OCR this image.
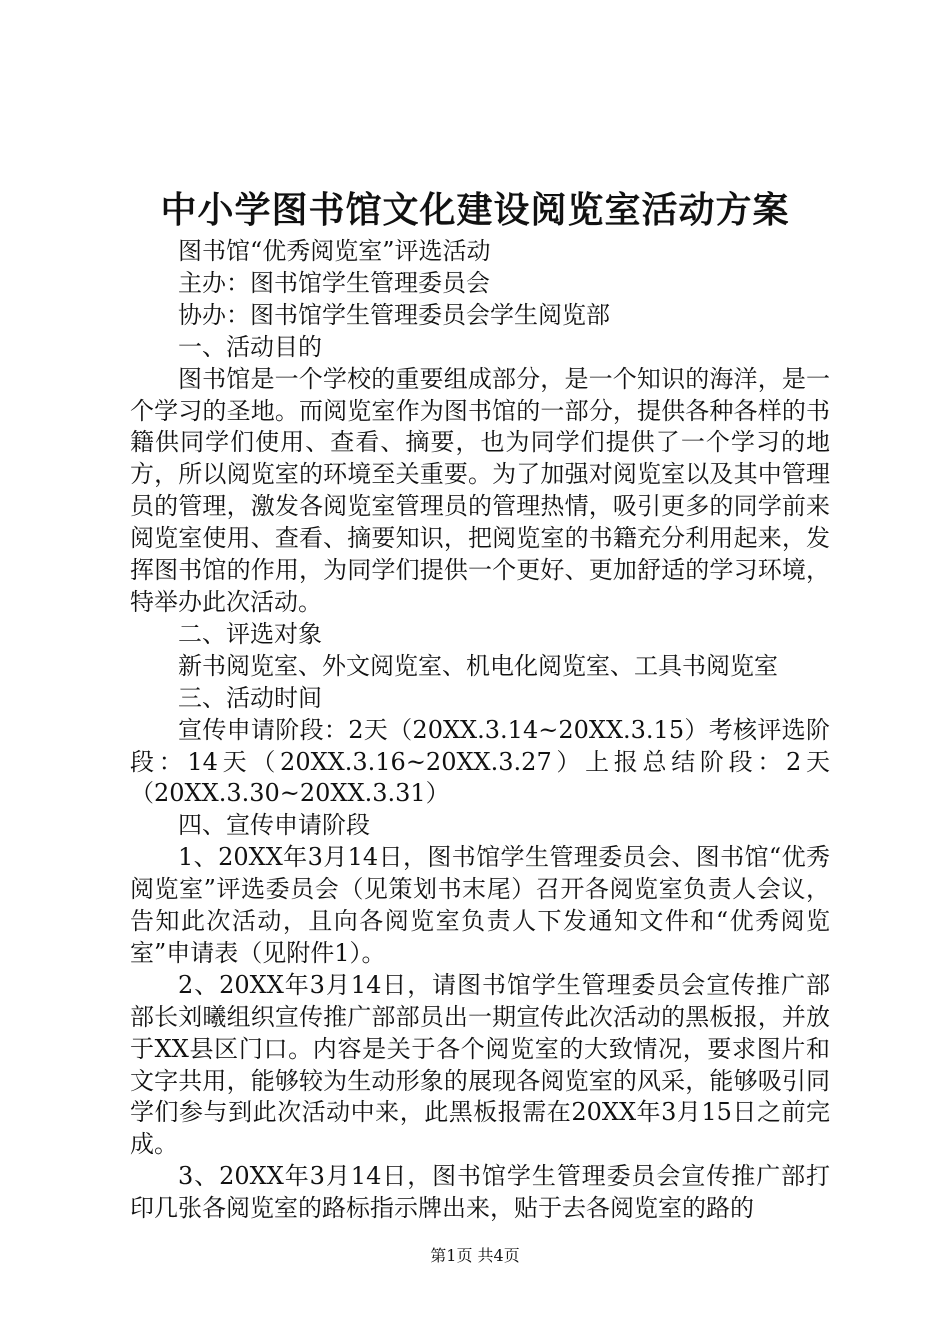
中小学图书馆文化建设阅览室活动方案

图书馆“优秀阅览室”评选活动

主办：图书馆学生管理委员会

协办：图书馆学生管理委员会学生阅览部

一、活动目的

图书馆是一个学校的重要组成部分，是一个知识的海洋，是一个学习的圣地。而阅览室作为图书馆的一部分，提供各种各样的书籍供同学们使用、查看、摘要，也为同学们提供了一个学习的地方，所以阅览室的环境至关重要。为了加强对阅览室以及其中管理员的管理，激发各阅览室管理员的管理热情，吸引更多的同学前来阅览室使用、查看、摘要知识，把阅览室的书籍充分利用起来，发挥图书馆的作用，为同学们提供一个更好、更加舒适的学习环境，特举办此次活动。

二、评选对象

新书阅览室、外文阅览室、机电化阅览室、工具书阅览室

三、活动时间

宣传申请阶段：2天（20XX.3.14~20XX.3.15）考核评选阶段：14天（20XX.3.16~20XX.3.27）上报总结阶段：2天（20XX.3.30~20XX.3.31）

四、宣传申请阶段

1、20XX年3月14日，图书馆学生管理委员会、图书馆“优秀阅览室”评选委员会（见策划书末尾）召开各阅览室负责人会议，告知此次活动，且向各阅览室负责人下发通知文件和“优秀阅览室”申请表（见附件1）。

2、20XX年3月14日，请图书馆学生管理委员会宣传推广部部长刘曦组织宣传推广部部员出一期宣传此次活动的黑板报，并放于XX县区门口。内容是关于各个阅览室的大致情况，要求图片和文字共用，能够较为生动形象的展现各阅览室的风采，能够吸引同学们参与到此次活动中来，此黑板报需在20XX年3月15日之前完成。

3、20XX年3月14日，图书馆学生管理委员会宣传推广部打印几张各阅览室的路标指示牌出来，贴于去各阅览室的路的

第1页 共4页
